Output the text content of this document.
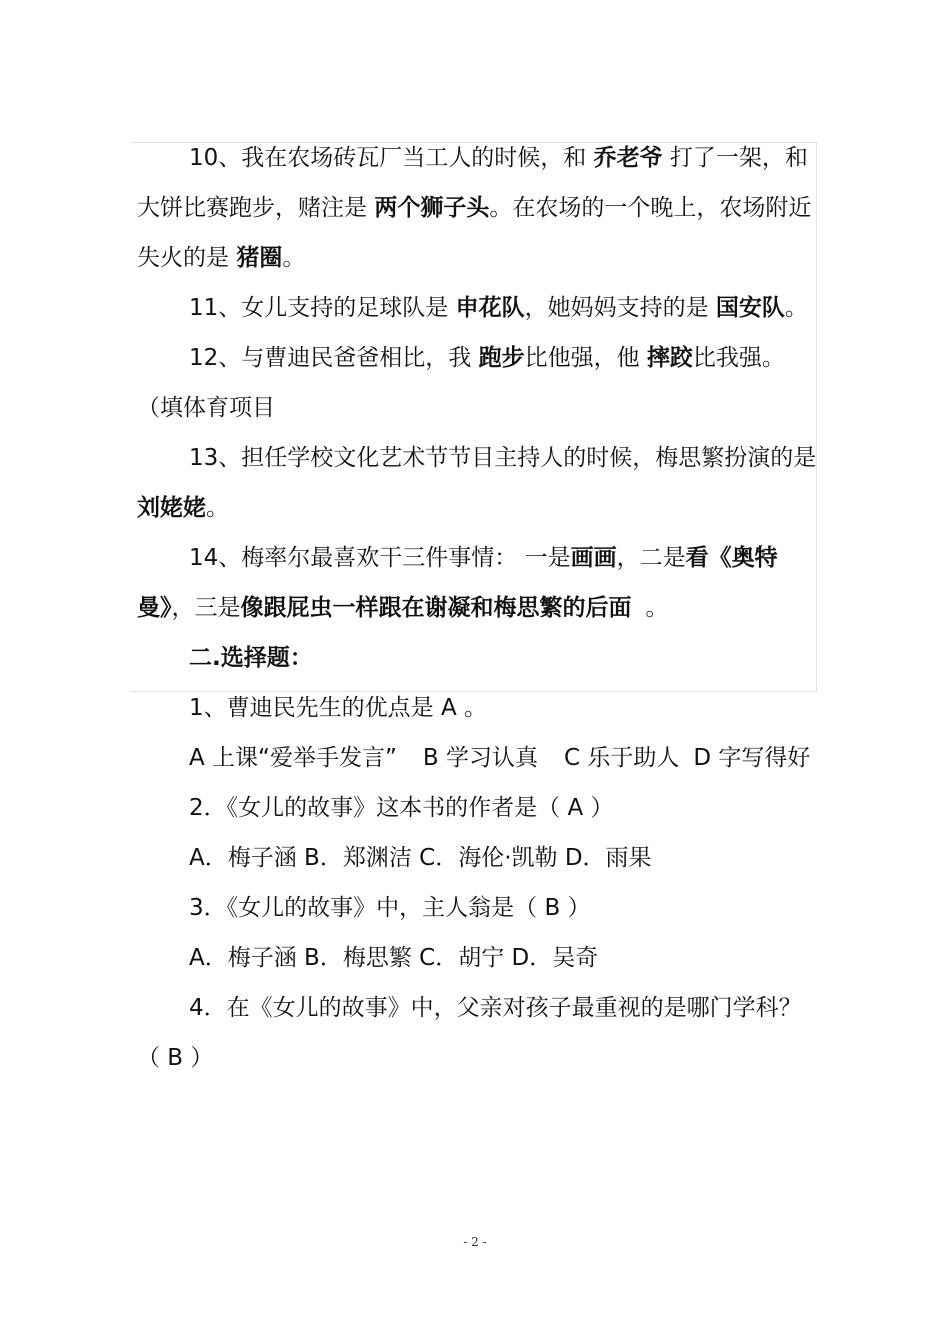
10、我在农场砖瓦厂当工人的时候，和 乔老爷 打了一架，和大饼比赛跑步，赌注是 两个狮子头。在农场的一个晚上，农场附近失火的是 猪圈。

11、女儿支持的足球队是 申花队，她妈妈支持的是 国安队。

12、与曹迪民爸爸相比，我 跑步比他强，他 摔跤比我强。（填体育项目

13、担任学校文化艺术节节目主持人的时候，梅思繁扮演的是 刘姥姥。

14、梅率尔最喜欢干三件事情： 一是画画，二是看《奥特曼》，三是像跟屁虫一样跟在谢凝和梅思繁的后面 。

二.选择题：

1、曹迪民先生的优点是 A 。

A 上课“爱举手发言” B 学习认真 C 乐于助人 D 字写得好

2．《女儿的故事》这本书的作者是（ A ）

A．梅子涵 B．郑渊洁 C．海伦·凯勒 D．雨果

3．《女儿的故事》中，主人翁是（ B ）

A．梅子涵 B．梅思繁 C．胡宁 D．吴奇

4．在《女儿的故事》中，父亲对孩子最重视的是哪门学科？（ B ）

- 2 -
